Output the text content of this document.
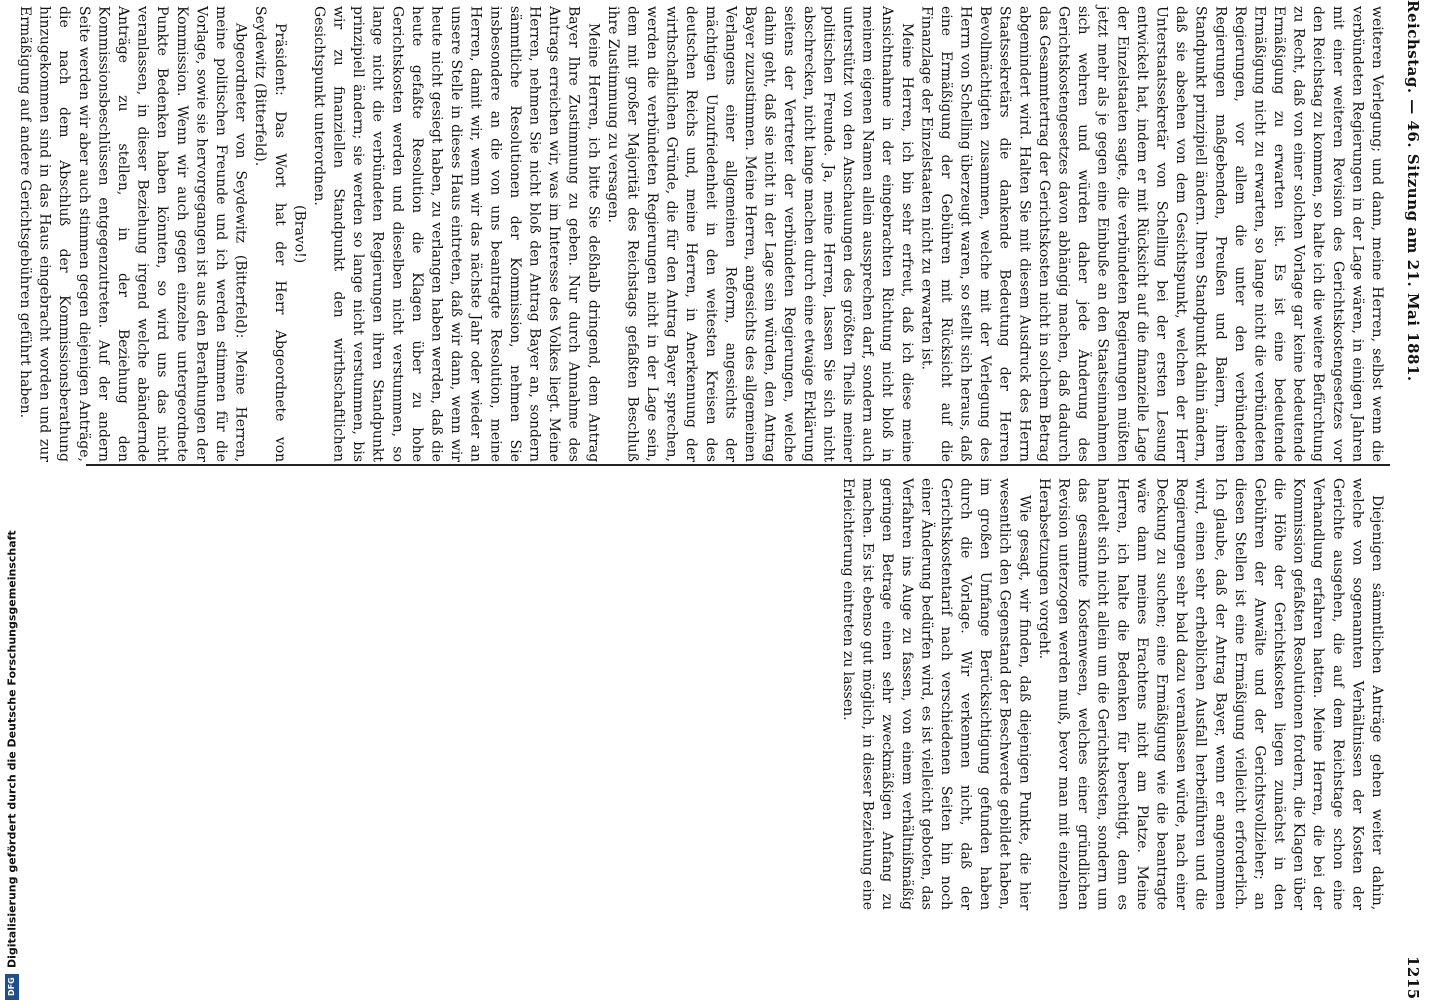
Reichstag. — 46. Sitzung am 21. Mai 1881.
1215

weiteren Verlegung; und dann, meine Herren, selbst wenn die verbündeten Regierungen in der Lage wären, in einigen Jahren mit einer weiteren Revision des Gerichtskostengesetzes vor den Reichstag zu kommen, so halte ich die weitere Befürchtung zu Recht, daß von einer solchen Vorlage gar keine bedeutende Ermäßigung zu erwarten ist. Es ist eine bedeutende Ermäßigung nicht zu erwarten, so lange nicht die verbündeten Regierungen, vor allem die unter den verbündeten Regierungen maßgebenden, Preußen und Baiern, ihren Standpunkt prinzipiell ändern. Ihren Standpunkt dahin ändern, daß sie absehen von dem Gesichtspunkt, welchen der Herr Unterstaatssekretär von Schelling bei der ersten Lesung entwickelt hat, indem er mit Rücksicht auf die finanzielle Lage der Einzelstaaten sagte, die verbündeten Regierungen müßten jetzt mehr als je gegen eine Einbuße an den Staatseinnahmen sich wehren und würden daher jede Änderung des Gerichtskostengesetzes davon abhängig machen, daß dadurch das Gesammtertrag der Gerichtskosten nicht in solchem Betrag abgemindert wird. Halten Sie mit diesem Ausdruck des Herrn Staatssekretärs die dankende Bedeutung der Herren Bevollmächtigten zusammen, welche mit der Verlegung des Herrn von Schelling überzeugt waren, so stellt sich heraus, daß eine Ermäßigung der Gebühren mit Rücksicht auf die Finanzlage der Einzelstaaten nicht zu erwarten ist.

Meine Herren, ich bin sehr erfreut, daß ich diese meine Ansichtnahme in der eingebrachten Richtung nicht bloß in meinem eigenen Namen allein aussprechen darf, sondern auch unterstützt von den Anschauungen des größten Theils meiner politischen Freunde. Ja, meine Herren, lassen Sie sich nicht abschrecken, nicht lange machen durch eine etwaige Erklärung seitens der Vertreter der verbündeten Regierungen, welche dahin geht, daß sie nicht in der Lage sein würden, den Antrag Bayer zuzustimmen. Meine Herren, angesichts des allgemeinen Verlangens einer allgemeinen Reform, angesichts der mächtigen Unzufriedenheit in den weitesten Kreisen des deutschen Reichs und, meine Herren, in Anerkennung der wirthschaftlichen Gründe, die für den Antrag Bayer sprechen, werden die verbündeten Regierungen nicht in der Lage sein, dem mit großer Majorität des Reichstags gefaßten Beschluß ihre Zustimmung zu versagen.

Meine Herren, ich bitte Sie deßhalb dringend, dem Antrag Bayer Ihre Zustimmung zu geben. Nur durch Annahme des Antrags erreichen wir, was im Interesse des Volkes liegt. Meine Herren, nehmen Sie nicht bloß den Antrag Bayer an, sondern sämmtliche Resolutionen der Kommission, nehmen Sie insbesondere an die von uns beantragte Resolution, meine Herren, damit wir, wenn wir das nächste Jahr oder wieder an unsere Stelle in dieses Haus eintreten, daß wir dann, wenn wir heute nicht gesiegt haben, zu verlangen haben werden, daß die heute gefaßte Resolution die Klagen über zu hohe Gerichtskosten werden und dieselben nicht verstummen, so lange nicht die verbündeten Regierungen ihren Standpunkt prinzipiell ändern; sie werden so lange nicht verstummen, bis wir zu finanziellen Standpunkt den wirthschaftlichen Gesichtspunkt unterordnen.

(Bravo!)

Präsident: Das Wort hat der Herr Abgeordnete von Seydewitz (Bitterfeld).

Abgeordneter von Seydewitz (Bitterfeld): Meine Herren, meine politischen Freunde und ich werden stimmen für die Vorlage, sowie sie hervorgegangen ist aus den Berathungen der Kommission. Wenn wir auch gegen einzelne untergeordnete Punkte Bedenken haben könnten, so wird uns das nicht veranlassen, in dieser Beziehung irgend welche abändernde Anträge zu stellen, in der Beziehung den Kommissionsbeschlüssen entgegenzutreten. Auf der andern Seite werden wir aber auch stimmen gegen diejenigen Anträge, die nach dem Abschluß der Kommissionsberathung hinzugekommen sind in das Haus eingebracht worden und zur Ermäßigung auf andere Gerichtsgebühren geführt haben.

Diejenigen sämmtlichen Anträge gehen weiter dahin, welche von sogenannten Verhältnissen der Kosten der Gerichte ausgehen, die auf dem Reichstage schon eine Verhandlung erfahren hatten. Meine Herren, die bei der Kommission gefaßten Resolutionen fordern, die Klagen über die Höhe der Gerichtskosten liegen zunächst in den Gebühren der Anwälte und der Gerichtsvollzieher; an diesen Stellen ist eine Ermäßigung vielleicht erforderlich. Ich glaube, daß der Antrag Bayer, wenn er angenommen wird, einen sehr erheblichen Ausfall herbeiführen und die Regierungen sehr bald dazu veranlassen würde, nach einer Deckung zu suchen; eine Ermäßigung wie die beantragte wäre dann meines Erachtens nicht am Platze. Meine Herren, ich halte die Bedenken für berechtigt, denn es handelt sich nicht allein um die Gerichtskosten, sondern um das gesammte Kostenwesen, welches einer gründlichen Revision unterzogen werden muß, bevor man mit einzelnen Herabsetzungen vorgeht.

Wie gesagt, wir finden, daß diejenigen Punkte, die hier wesentlich den Gegenstand der Beschwerde gebildet haben, im großen Umfange Berücksichtigung gefunden haben durch die Vorlage. Wir verkennen nicht, daß der Gerichtskostentarif nach verschiedenen Seiten hin noch einer Änderung bedürfen wird, es ist vielleicht geboten, das Verfahren ins Auge zu fassen, von einem verhältnißmäßig geringen Betrage einen sehr zweckmäßigen Anfang zu machen. Es ist ebenso gut möglich, in dieser Beziehung eine Erleichterung eintreten zu lassen.

DFG
Digitalisierung gefördert durch die Deutsche Forschungsgemeinschaft
